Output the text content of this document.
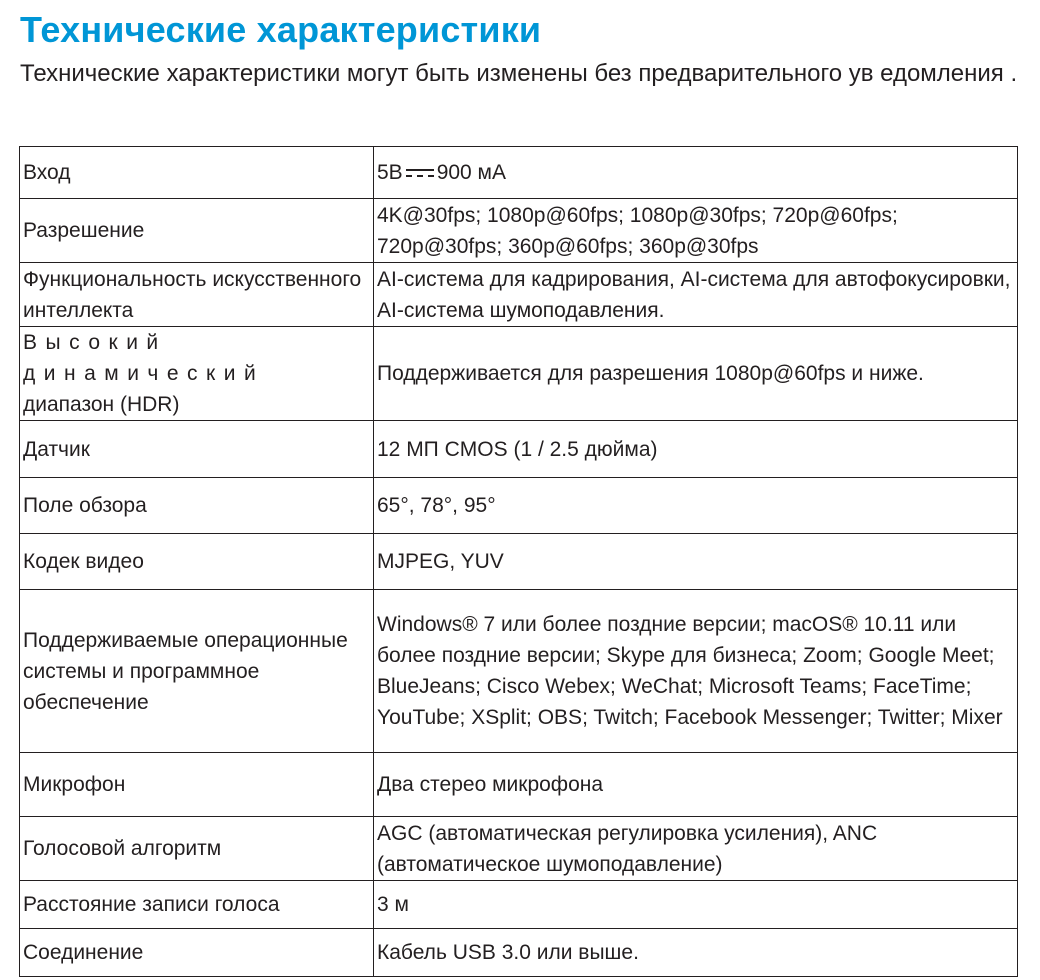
Технические характеристики

Технические характеристики могут быть изменены без предварительного ув едомления .

Вход	5B 900 мА
Разрешение	4K@30fps; 1080p@60fps; 1080p@30fps; 720p@60fps; 720p@30fps; 360p@60fps; 360p@30fps
Функциональность искусственного интеллекта	AI-система для кадрирования, AI-система для автофокусировки, AI-система шумоподавления.
Высокий динамический
диапазон (HDR)	Поддерживается для разрешения 1080p@60fps и ниже.
Датчик	12 МП CMOS (1 / 2.5 дюйма)
Поле обзора	65°, 78°, 95°
Кодек видео	MJPEG, YUV
Поддерживаемые операционные системы и программное обеспечение	Windows® 7 или более поздние версии; macOS® 10.11 или более поздние версии; Skype для бизнеса; Zoom; Google Meet; BlueJeans; Cisco Webex; WeChat; Microsoft Teams; FaceTime; YouTube; XSplit; OBS; Twitch; Facebook Messenger; Twitter; Mixer
Микрофон	Два стерео микрофона
Голосовой алгоритм	AGC (автоматическая регулировка усиления), ANC (автоматическое шумоподавление)
Расстояние записи голоса	3 м
Соединение	Кабель USB 3.0 или выше.
